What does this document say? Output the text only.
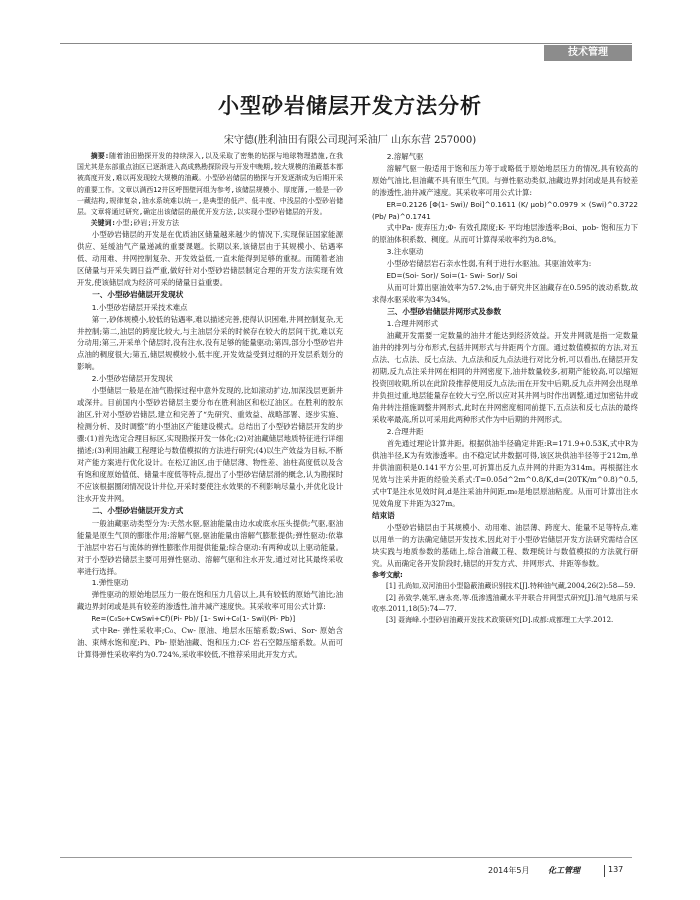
技术管理
小型砂岩储层开发方法分析
宋守德(胜利油田有限公司现河采油厂 山东东营 257000)

摘要:随着油田勘探开发的持续深入,以及采取了密集的钻探与地球物理措施,在我国尤其是东部重点油区已逐渐进入高成熟勘探阶段与开发中晚期,较大规模的油藏基本都被高度开发,难以再发现较大规模的油藏。小型砂岩储层的勘探与开发逐渐成为后期开采的重要工作。文章以满西12井区呼图壁河组为参考,该储层规模小、厚度薄,一般是一砂一藏结构,规律复杂,油水系统难以统一,是典型的低产、低丰度、中浅层的小型砂岩储层。文章将通过研究,确定出该储层的最优开发方法,以实现小型砂岩储层的开发。

关键词:小型;砂岩;开发方法

小型砂岩储层的开发是在优质油区储量越来越少的情况下,实现保证国家能源供应、延缓油气产量递减的重要课题。长期以来,该储层由于其规模小、钻遇率低、动用难、井网控制复杂、开发效益低,一直未能得到足够的重视。而随着老油区储量与开采失调日益严重,做好针对小型砂岩储层制定合理的开发方法实现有效开发,使该储层成为经济可采的储量日益重要。

一、小型砂岩储层开发现状

1.小型砂岩储层开采技术难点

第一,砂体规模小,较低的钻遇率,难以描述完善,使得认识困难,井网控制复杂,无井控制;第二,油层的跨度比较大,与主油层分采的时候存在较大的层间干扰,难以充分动用;第三,开采单个储层时,没有注水,没有足够的能量驱动;第四,部分小型砂岩井点油的稠度很大;第五,储层规模较小,低丰度,开发效益受到过细的开发层系划分的影响。

2.小型砂岩储层开发现状

小型储层一般是在油气勘探过程中意外发现的,比如滚动扩边,加深浅层更新井或深井。目前国内小型砂岩储层主要分布在胜利油区和松辽油区。在胜利的胶东油区,针对小型砂岩储层,建立和完善了“先研究、重效益、战略部署、逐步实施、检测分析、及时调整”的小型油区产能建设模式。总结出了小型砂岩储层开发的步骤:(1)首先选定合理目标区,实现勘探开发一体化;(2)对油藏储层地质特征进行详细描述;(3)利用油藏工程理论与数值模拟的方法进行研究;(4)以生产效益为目标,不断对产能方案进行优化设计。在松辽油区,由于储层薄、物性差、油柱高度低以及含有饱和度原始值低、储量丰度低等特点,提出了小型砂岩储层滑的概念,认为勘探时不应该根据圈闭情况设计井位,开采时要使注水效果的不利影响尽量小,并优化设计注水开发井网。

二、小型砂岩储层开发方式

一般油藏驱动类型分为:天然水驱,驱油能量由边水或底水压头提供;气驱,驱油能量是原生气顶的膨胀作用;溶解气驱,驱油能量由溶解气膨胀提供;弹性驱动:依靠于油层中岩石与流体的弹性膨胀作用提供能量;综合驱动:有两种或以上驱动能量。对于小型砂岩储层主要可用弹性驱动、溶解气驱和注水开发,通过对比其最终采收率进行选择。

1.弹性驱动

弹性驱动的原始地层压力一般在饱和压力几倍以上,具有较低的原始气油比;油藏边界封闭或是具有较差的渗透性,油井减产速度快。其采收率可用公式计算:

Re=(C₀S₀+CwSwi+Cf)(Pi- Pb)/ [1- Swi+C₀(1- Swi)(Pi- Pb)]

式中Re- 弹性采收率;C₀、Cw- 原油、地层水压缩系数;Swi、Sor- 原始含油、束缚水饱和度;Pi、Pb- 原始油藏、饱和压力;Cf- 岩石空隙压缩系数。从而可计算得弹性采收率约为0.724%,采收率较低,不推荐采用此开发方式。

2.溶解气驱

溶解气驱一般适用于饱和压力等于或略低于原始地层压力的情况,具有较高的原始气油比,但油藏不具有原生气顶。与弹性驱动类似,油藏边界封闭或是具有较差的渗透性,油井减产速度。其采收率可用公式计算:

ER=0.2126 [Φ(1- Swi)/ Boi]^0.1611 (K/ μob)^0.0979 × (Swi)^0.3722 (Pb/ Pa)^0.1741

式中Pa- 废弃压力;Φ- 有效孔隙度;K- 平均地层渗透率;Boi、μob- 饱和压力下的原油体积系数、稠度。从而可计算得采收率约为8.8%。

3.注水驱动

小型砂岩储层岩石亲水性弱,有利于进行水驱油。其驱油效率为:

ED=(Soi- Sor)/ Soi=(1- Swi- Sor)/ Soi

从而可计算出驱油效率为57.2%,由于研究井区油藏存在0.595的波动系数,故求得水驱采收率为34%。

三、小型砂岩储层井网形式及参数

1.合理井网形式

油藏开发需要一定数量的油井才能达到经济效益。开发井网就是指一定数量油井的排列与分布形式,包括井网形式与井距两个方面。通过数值模拟的方法,对五点法、七点法、反七点法、九点法和反九点法进行对比分析,可以看出,在储层开发初期,反九点注采井网在相同的井网密度下,油井数量较多,初期产能较高,可以缩短投资回收期,所以在此阶段推荐使用反九点法;而在开发中后期,反九点井网会出现单井负担过重,地层能量存在较大亏空,所以应对其井网与时作出调整,通过加密钻井或角井转注措施调整井网形式,此时在井网密度相同前提下,五点法和反七点法的最终采收率最高,所以可采用此两种形式作为中后期的井网形式。

2.合理井距

首先通过理论计算井距。根据供油半径确定井距:R=171.9+0.53K,式中R为供油半径,K为有效渗透率。由不稳定试井数据可得,该区块供油半径等于212m,单井供油面积是0.141平方公里,可折算出反九点井网的井距为314m。再根据注水见效与注采井距的经验关系式:T=0.05d^2m^0.8/K,d=(20TK/m^0.8)^0.5,式中T是注水见效时间,d是注采油井间距,m₀是地层原油粘度。从而可计算出注水见效角度下井距为327m。

结束语

小型砂岩储层由于其规模小、动用难、油层薄、跨度大、能量不足等特点,难以用单一的方法确定储层开发技术,因此对于小型砂岩储层开发方法研究需结合区块实践与地质参数的基础上,综合油藏工程、数理统计与数值模拟的方法就行研究。从而确定各开发阶段时,储层的开发方式、井网形式、井距等参数。

参考文献:

[1] 孔尚如,双河油田小型隐蔽油藏识别技术[J].特种油气藏,2004,26(2):58—59.

[2] 孙致学,姚军,唐永亮,等.低渗透油藏水平井联合井网型式研究[J].油气地质与采收率.2011,18(5):74—77.

[3] 聂海峰.小型砂岩油藏开发技术政策研究[D].成都:成都理工大学.2012.

2014年5月 化工管理	137
